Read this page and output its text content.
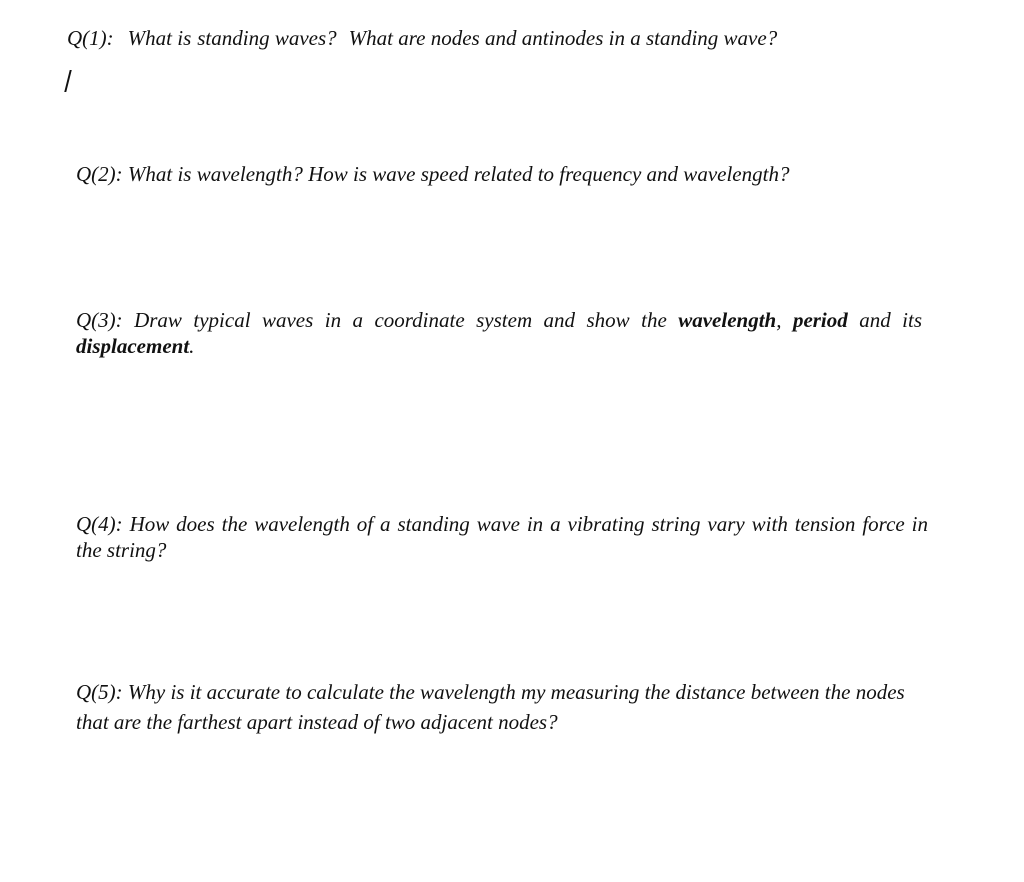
Q(1): What is standing waves? What are nodes and antinodes in a standing wave?
Q(2): What is wavelength? How is wave speed related to frequency and wavelength?
Q(3): Draw typical waves in a coordinate system and show the wavelength, period and its displacement.
Q(4): How does the wavelength of a standing wave in a vibrating string vary with tension force in the string?
Q(5): Why is it accurate to calculate the wavelength my measuring the distance between the nodes that are the farthest apart instead of two adjacent nodes?
